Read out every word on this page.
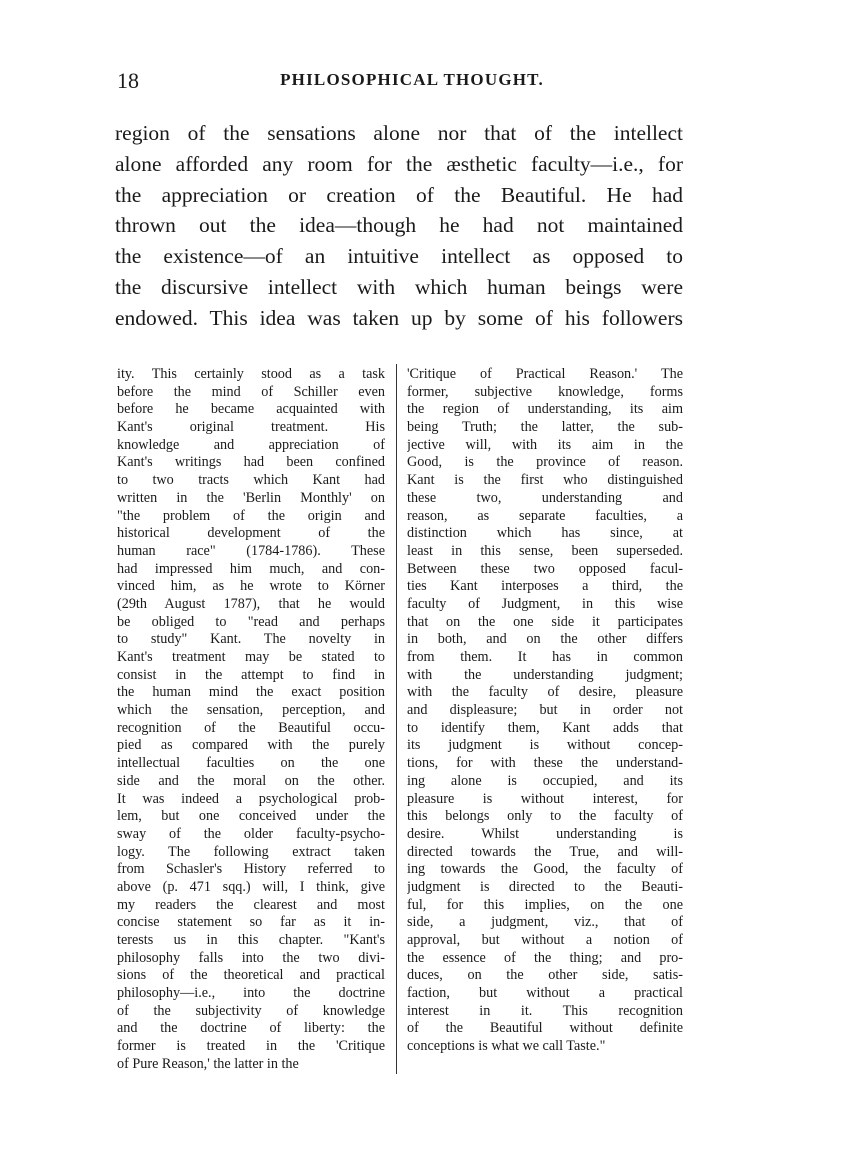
18	PHILOSOPHICAL THOUGHT.
region of the sensations alone nor that of the intellect
alone afforded any room for the æsthetic faculty—i.e., for
the appreciation or creation of the Beautiful. He had
thrown out the idea—though he had not maintained
the existence—of an intuitive intellect as opposed to
the discursive intellect with which human beings were
endowed. This idea was taken up by some of his followers
ity. This certainly stood as a task
before the mind of Schiller even
before he became acquainted with
Kant's original treatment. His
knowledge and appreciation of
Kant's writings had been confined
to two tracts which Kant had
written in the 'Berlin Monthly' on
"the problem of the origin and
historical development of the
human race" (1784-1786). These
had impressed him much, and con-
vinced him, as he wrote to Körner
(29th August 1787), that he would
be obliged to "read and perhaps
to study" Kant. The novelty in
Kant's treatment may be stated to
consist in the attempt to find in
the human mind the exact position
which the sensation, perception, and
recognition of the Beautiful occu-
pied as compared with the purely
intellectual faculties on the one
side and the moral on the other.
It was indeed a psychological prob-
lem, but one conceived under the
sway of the older faculty-psycho-
logy. The following extract taken
from Schasler's History referred to
above (p. 471 sqq.) will, I think, give
my readers the clearest and most
concise statement so far as it in-
terests us in this chapter. "Kant's
philosophy falls into the two divi-
sions of the theoretical and practical
philosophy—i.e., into the doctrine
of the subjectivity of knowledge
and the doctrine of liberty: the
former is treated in the 'Critique
of Pure Reason,' the latter in the
'Critique of Practical Reason.' The
former, subjective knowledge, forms
the region of understanding, its aim
being Truth; the latter, the sub-
jective will, with its aim in the
Good, is the province of reason.
Kant is the first who distinguished
these two, understanding and
reason, as separate faculties, a
distinction which has since, at
least in this sense, been superseded.
Between these two opposed facul-
ties Kant interposes a third, the
faculty of Judgment, in this wise
that on the one side it participates
in both, and on the other differs
from them. It has in common
with the understanding judgment;
with the faculty of desire, pleasure
and displeasure; but in order not
to identify them, Kant adds that
its judgment is without concep-
tions, for with these the understand-
ing alone is occupied, and its
pleasure is without interest, for
this belongs only to the faculty of
desire. Whilst understanding is
directed towards the True, and will-
ing towards the Good, the faculty of
judgment is directed to the Beauti-
ful, for this implies, on the one
side, a judgment, viz., that of
approval, but without a notion of
the essence of the thing; and pro-
duces, on the other side, satis-
faction, but without a practical
interest in it. This recognition
of the Beautiful without definite
conceptions is what we call Taste."
